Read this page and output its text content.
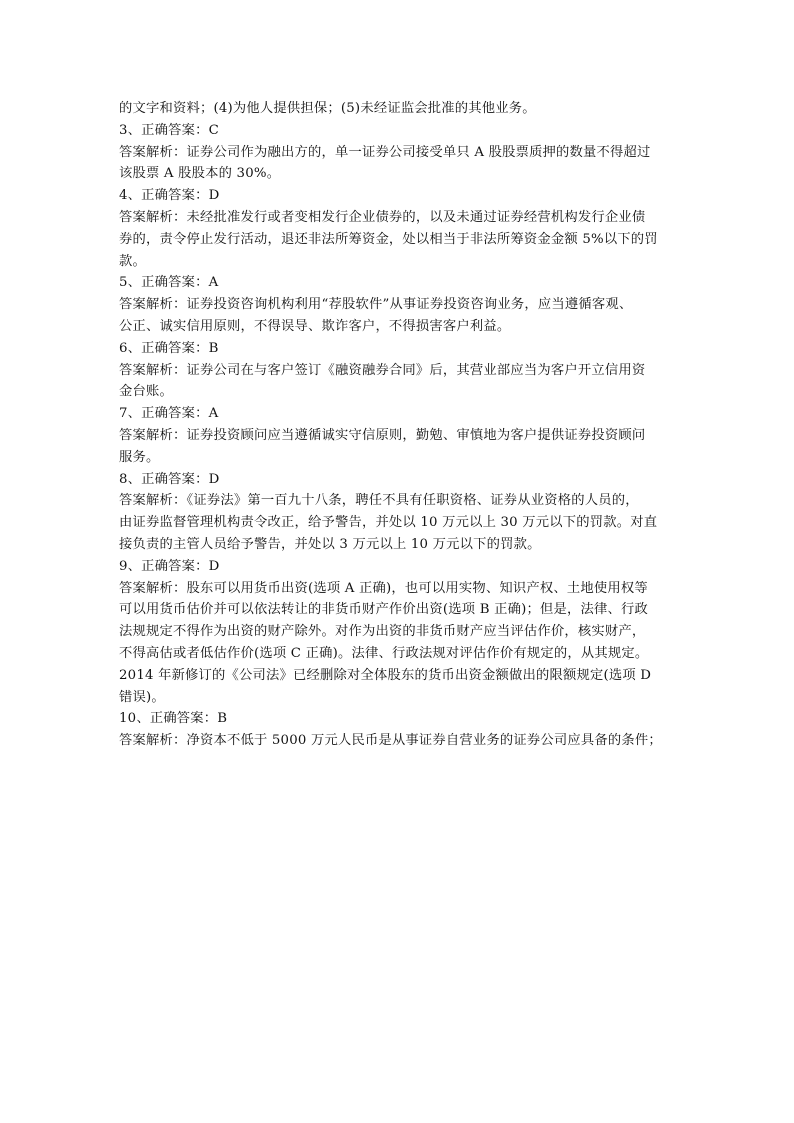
的文字和资料；(4)为他人提供担保；(5)未经证监会批准的其他业务。
3、正确答案：C
答案解析：证券公司作为融出方的，单一证券公司接受单只 A 股股票质押的数量不得超过
该股票 A 股股本的 30%。
4、正确答案：D
答案解析：未经批准发行或者变相发行企业债券的，以及未通过证券经营机构发行企业债
券的，责令停止发行活动，退还非法所筹资金，处以相当于非法所筹资金金额 5%以下的罚
款。
5、正确答案：A
答案解析：证券投资咨询机构利用“荐股软件”从事证券投资咨询业务，应当遵循客观、
公正、诚实信用原则，不得误导、欺诈客户，不得损害客户利益。
6、正确答案：B
答案解析：证券公司在与客户签订《融资融券合同》后，其营业部应当为客户开立信用资
金台账。
7、正确答案：A
答案解析：证券投资顾问应当遵循诚实守信原则，勤勉、审慎地为客户提供证券投资顾问
服务。
8、正确答案：D
答案解析：《证券法》第一百九十八条，聘任不具有任职资格、证券从业资格的人员的，
由证券监督管理机构责令改正，给予警告，并处以 10 万元以上 30 万元以下的罚款。对直
接负责的主管人员给予警告，并处以 3 万元以上 10 万元以下的罚款。
9、正确答案：D
答案解析：股东可以用货币出资(选项 A 正确)，也可以用实物、知识产权、土地使用权等
可以用货币估价并可以依法转让的非货币财产作价出资(选项 B 正确)；但是，法律、行政
法规规定不得作为出资的财产除外。对作为出资的非货币财产应当评估作价，核实财产，
不得高估或者低估作价(选项 C 正确)。法律、行政法规对评估作价有规定的，从其规定。
2014 年新修订的《公司法》已经删除对全体股东的货币出资金额做出的限额规定(选项 D
错误)。
10、正确答案：B
答案解析：净资本不低于 5000 万元人民币是从事证券自营业务的证券公司应具备的条件；
